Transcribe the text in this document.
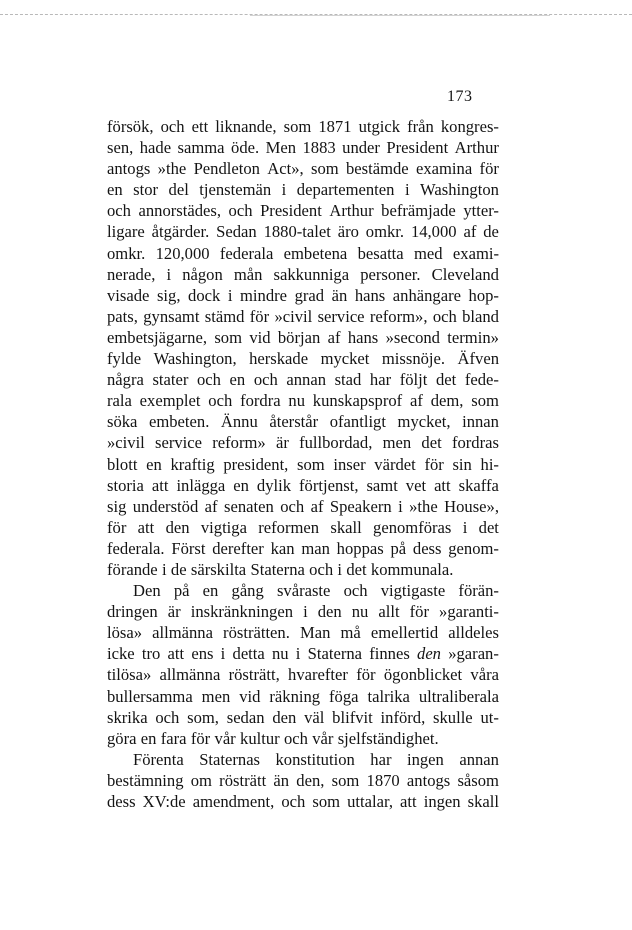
173
försök, och ett liknande, som 1871 utgick från kongres-
sen, hade samma öde. Men 1883 under President Arthur
antogs »the Pendleton Act», som bestämde examina för
en stor del tjenstemän i departementen i Washington
och annorstädes, och President Arthur befrämjade ytter-
ligare åtgärder. Sedan 1880-talet äro omkr. 14,000 af de
omkr. 120,000 federala embetena besatta med exami-
nerade, i någon mån sakkunniga personer. Cleveland
visade sig, dock i mindre grad än hans anhängare hop-
pats, gynsamt stämd för »civil service reform», och bland
embetsjägarne, som vid början af hans »second termin»
fylde Washington, herskade mycket missnöje. Äfven
några stater och en och annan stad har följt det fede-
rala exemplet och fordra nu kunskapsprof af dem, som
söka embeten. Ännu återstår ofantligt mycket, innan
»civil service reform» är fullbordad, men det fordras
blott en kraftig president, som inser värdet för sin hi-
storia att inlägga en dylik förtjenst, samt vet att skaffa
sig understöd af senaten och af Speakern i »the House»,
för att den vigtiga reformen skall genomföras i det
federala. Först derefter kan man hoppas på dess genom-
förande i de särskilta Staterna och i det kommunala.
Den på en gång svåraste och vigtigaste förän-
dringen är inskränkningen i den nu allt för »garanti-
lösa» allmänna rösträtten. Man må emellertid alldeles
icke tro att ens i detta nu i Staterna finnes den »garan-
tilösa» allmänna rösträtt, hvarefter för ögonblicket våra
bullersamma men vid räkning föga talrika ultraliberala
skrika och som, sedan den väl blifvit införd, skulle ut-
göra en fara för vår kultur och vår sjelfständighet.
Förenta Staternas konstitution har ingen annan
bestämning om rösträtt än den, som 1870 antogs såsom
dess XV:de amendment, och som uttalar, att ingen skall
